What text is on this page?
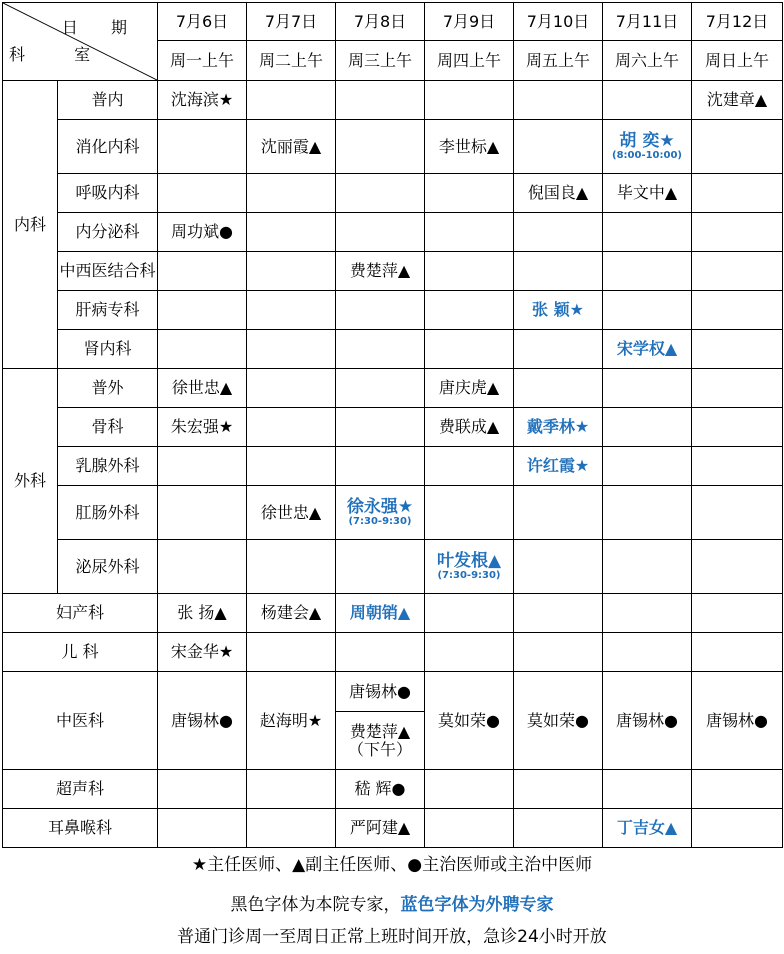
日 期
科 室		7月6日	7月7日	7月8日	7月9日	7月10日	7月11日	7月12日
		周一上午	周二上午	周三上午	周四上午	周五上午	周六上午	周日上午
内科	普内	沈海滨★						沈建章▲
	消化内科		沈丽霞▲		李世标▲		胡 奕★
(8:00-10:00)	

	呼吸内科					倪国良▲	毕文中▲	
	内分泌科	周功斌●						
	中西医结合科			费楚萍▲				
	肝病专科					张 颖★		
	肾内科						宋学权▲	
外科	普外	徐世忠▲			唐庆虎▲			
	骨科	朱宏强★			费联成▲	戴季林★		
	乳腺外科					许红霞★		
	肛肠外科		徐世忠▲	徐永强★
(7:30-9:30)				

	泌尿外科				叶发根▲
(7:30-9:30)			

妇产科		张 扬▲	杨建会▲	周朝销▲				
儿 科		宋金华★						
中医科		唐锡林●	赵海明★	唐锡林●	莫如荣●	莫如荣●	唐锡林●	唐锡林●

				费楚萍▲
（下午）				

超声科				嵇 辉●				
耳鼻喉科				严阿建▲			丁吉女▲	
★主任医师、▲副主任医师、●主治医师或主治中医师
黑色字体为本院专家，蓝色字体为外聘专家
普通门诊周一至周日正常上班时间开放，急诊24小时开放
